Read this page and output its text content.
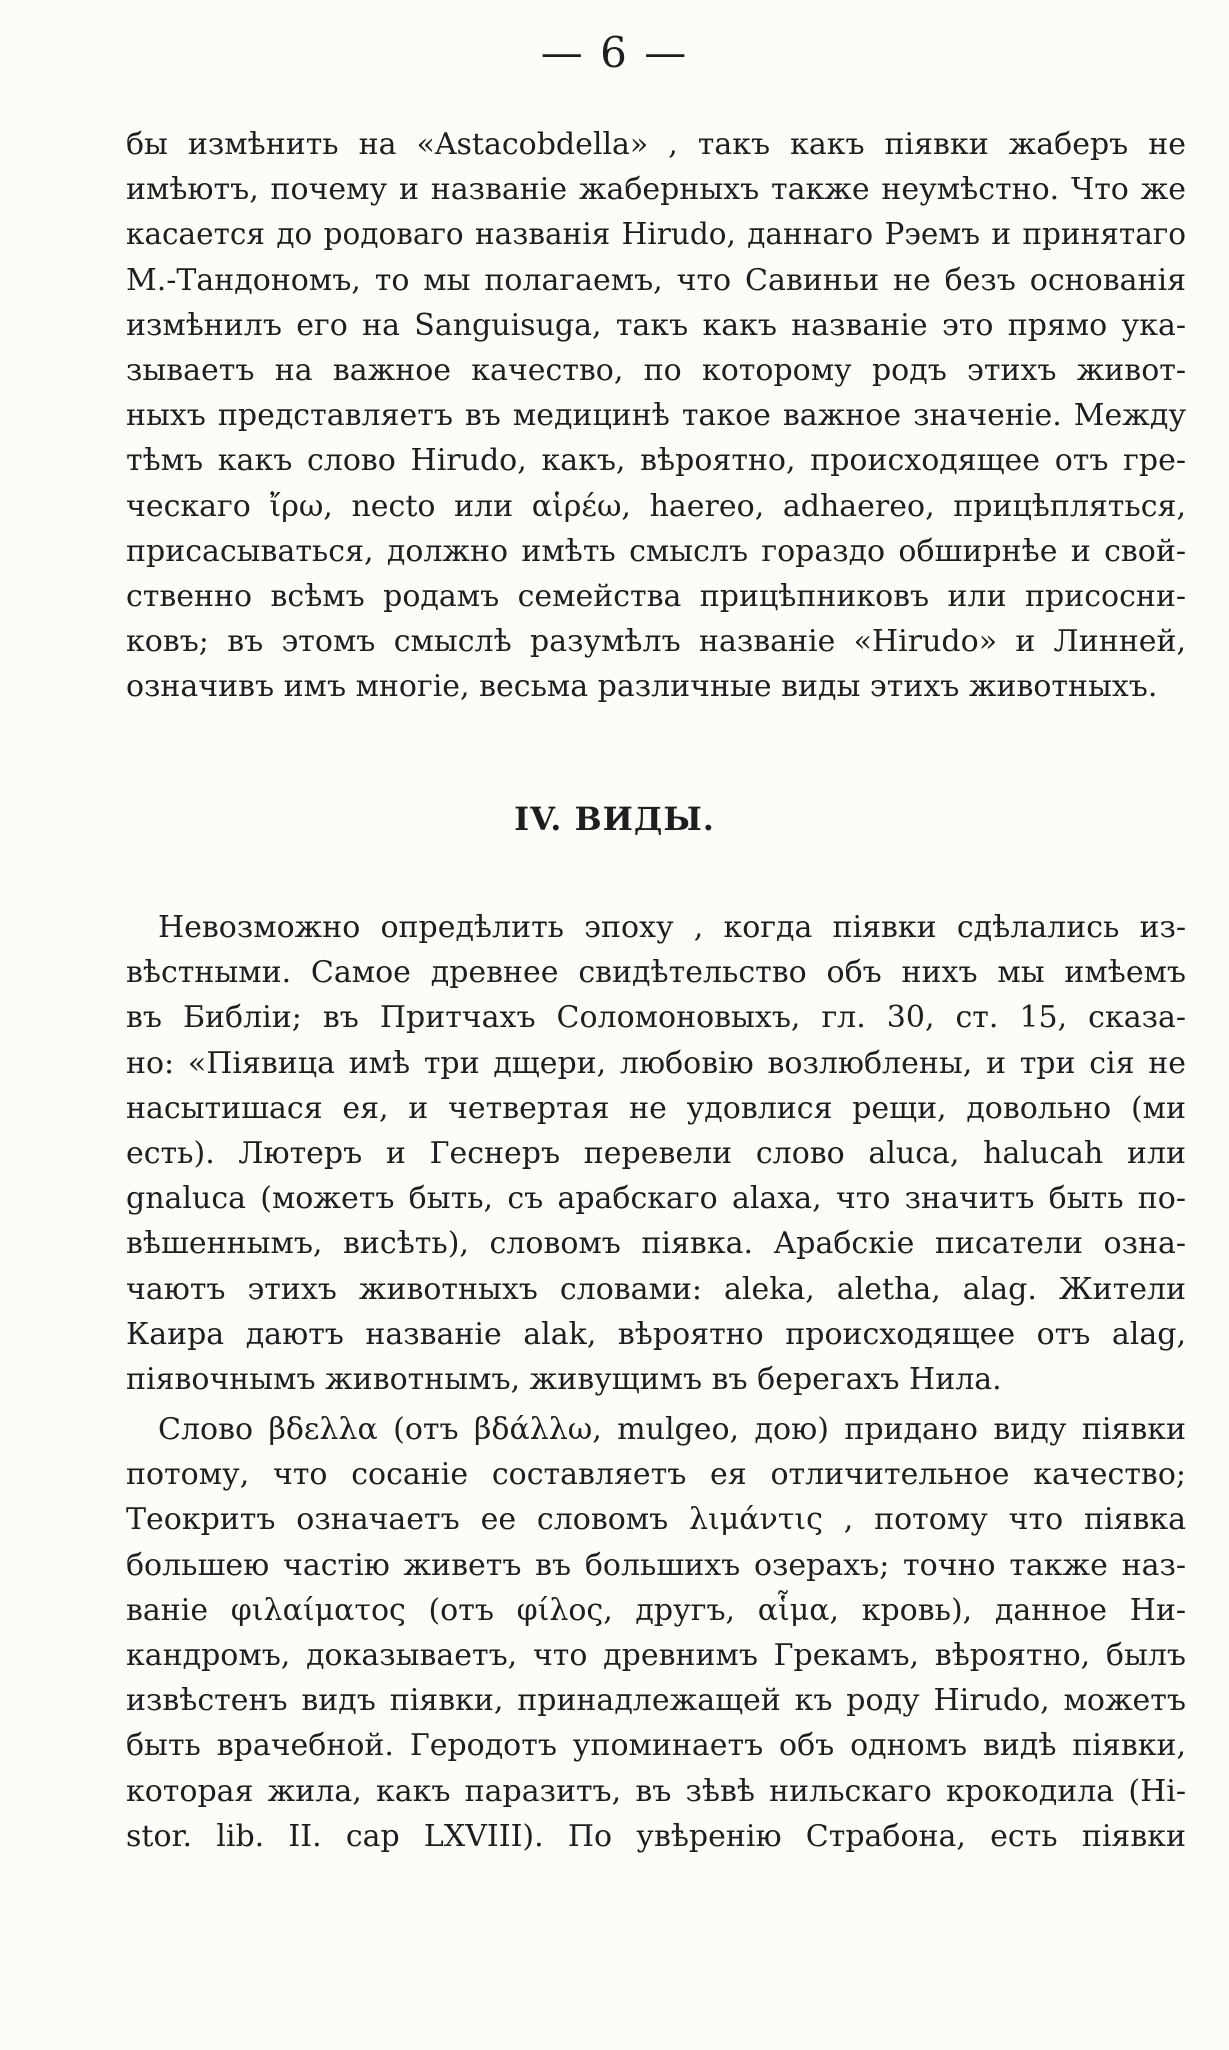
— 6 —
бы измѣнить на «Astacobdella» , такъ какъ піявки жаберъ не
имѣютъ, почему и названіе жаберныхъ также неумѣстно. Что же
касается до родоваго названія Hirudo, даннаго Рэемъ и принятаго
М.-Тандономъ, то мы полагаемъ, что Савиньи не безъ основанія
измѣнилъ его на Sanguisuga, такъ какъ названіе это прямо ука-
зываетъ на важное качество, по которому родъ этихъ живот-
ныхъ представляетъ въ медицинѣ такое важное значеніе. Между
тѣмъ какъ слово Hirudo, какъ, вѣроятно, происходящее отъ гре-
ческаго ἴρω, necto или αἱρέω, haereo, adhaereo, прицѣпляться,
присасываться, должно имѣть смыслъ гораздо обширнѣе и свой-
ственно всѣмъ родамъ семейства прицѣпниковъ или присосни-
ковъ; въ этомъ смыслѣ разумѣлъ названіе «Hirudo» и Линней,
означивъ имъ многіе, весьма различные виды этихъ животныхъ.
IV. ВИДЫ.
Невозможно опредѣлить эпоху , когда піявки сдѣлались из-
вѣстными. Самое древнее свидѣтельство объ нихъ мы имѣемъ
въ Библіи; въ Притчахъ Соломоновыхъ, гл. 30, ст. 15, сказа-
но: «Піявица имѣ три дщери, любовію возлюблены, и три сія не
насытишася ея, и четвертая не удовлися рещи, довольно (ми
есть). Лютеръ и Геснеръ перевели слово aluca, halucah или
gnaluca (можетъ быть, съ арабскаго alaxa, что значитъ быть по-
вѣшеннымъ, висѣть), словомъ піявка. Арабскіе писатели озна-
чаютъ этихъ животныхъ словами: aleka, aletha, alag. Жители
Каира даютъ названіе alak, вѣроятно происходящее отъ alag,
піявочнымъ животнымъ, живущимъ въ берегахъ Нила.
Слово βδελλα (отъ βδάλλω, mulgeo, дою) придано виду піявки
потому, что сосаніе составляетъ ея отличительное качество;
Теокритъ означаетъ ее словомъ λιμάντις , потому что піявка
большею частію живетъ въ большихъ озерахъ; точно также наз-
ваніе φιλαίματος (отъ φίλος, другъ, αἷμα, кровь), данное Ни-
кандромъ, доказываетъ, что древнимъ Грекамъ, вѣроятно, былъ
извѣстенъ видъ піявки, принадлежащей къ роду Hirudo, можетъ
быть врачебной. Геродотъ упоминаетъ объ одномъ видѣ піявки,
которая жила, какъ паразитъ, въ зѣвѣ нильскаго крокодила (Hi-
stor. lib. II. cap LXVIII). По увѣренію Страбона, есть піявки
